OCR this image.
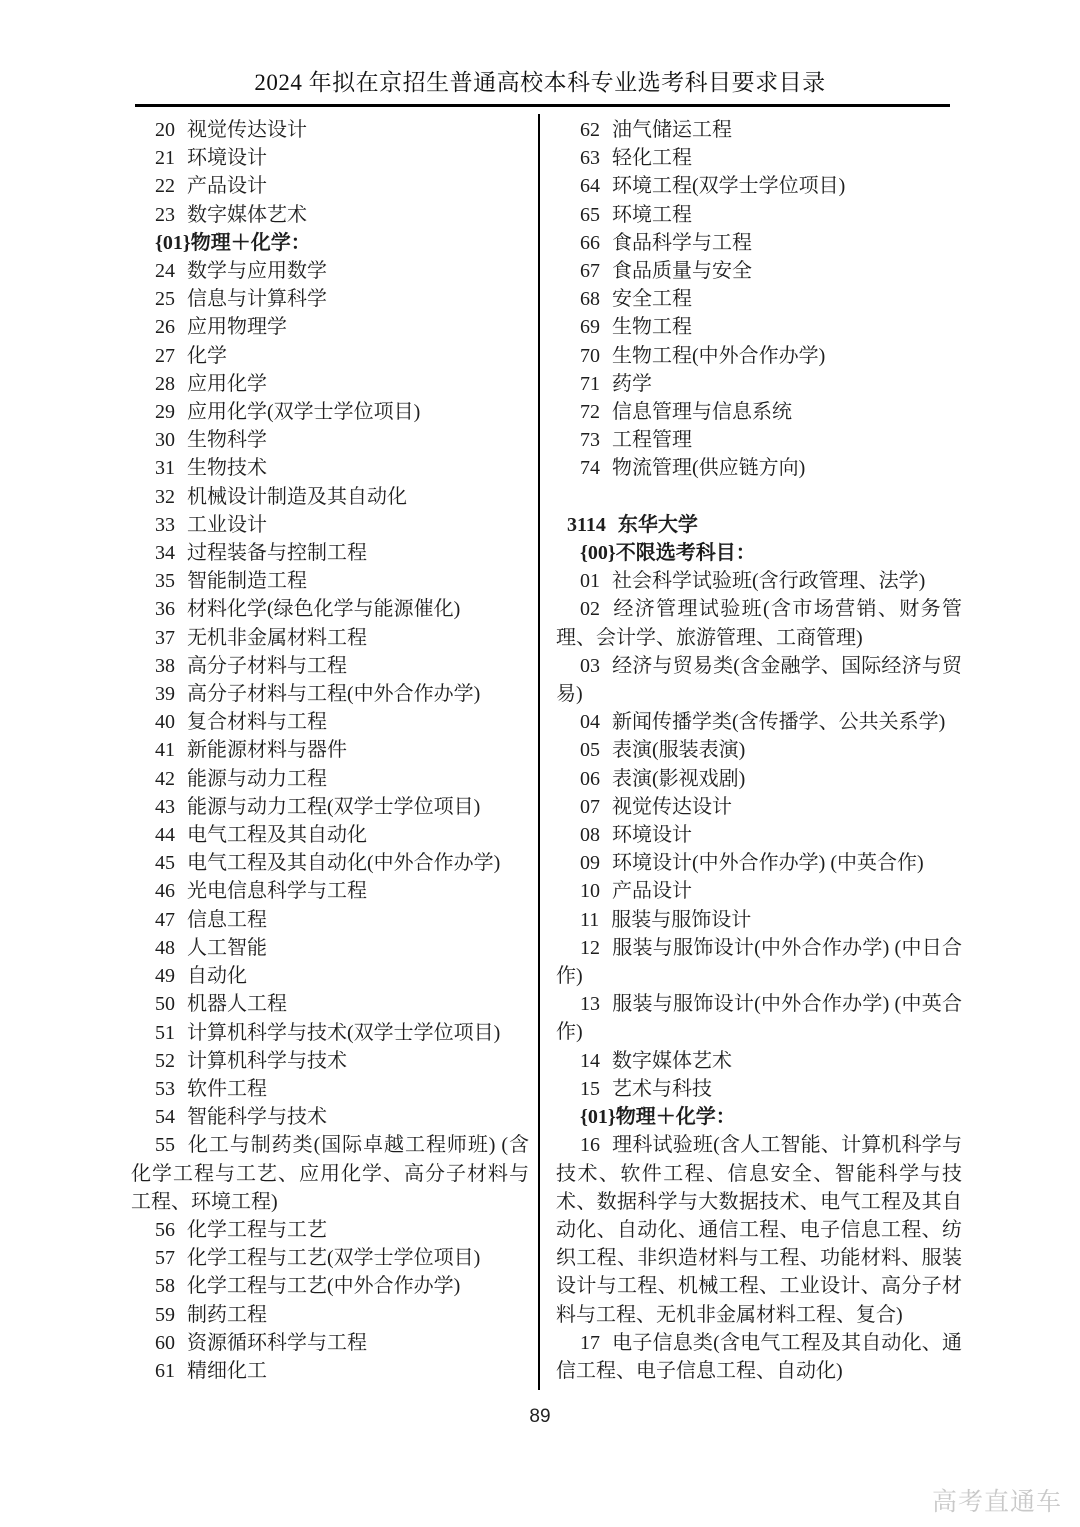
2024 年拟在京招生普通高校本科专业选考科目要求目录

20 视觉传达设计

21 环境设计

22 产品设计

23 数字媒体艺术

{01}物理＋化学：

24 数学与应用数学

25 信息与计算科学

26 应用物理学

27 化学

28 应用化学

29 应用化学(双学士学位项目)

30 生物科学

31 生物技术

32 机械设计制造及其自动化

33 工业设计

34 过程装备与控制工程

35 智能制造工程

36 材料化学(绿色化学与能源催化)

37 无机非金属材料工程

38 高分子材料与工程

39 高分子材料与工程(中外合作办学)

40 复合材料与工程

41 新能源材料与器件

42 能源与动力工程

43 能源与动力工程(双学士学位项目)

44 电气工程及其自动化

45 电气工程及其自动化(中外合作办学)

46 光电信息科学与工程

47 信息工程

48 人工智能

49 自动化

50 机器人工程

51 计算机科学与技术(双学士学位项目)

52 计算机科学与技术

53 软件工程

54 智能科学与技术

55 化工与制药类(国际卓越工程师班) (含化学工程与工艺、应用化学、高分子材料与工程、环境工程)

56 化学工程与工艺

57 化学工程与工艺(双学士学位项目)

58 化学工程与工艺(中外合作办学)

59 制药工程

60 资源循环科学与工程

61 精细化工

62 油气储运工程

63 轻化工程

64 环境工程(双学士学位项目)

65 环境工程

66 食品科学与工程

67 食品质量与安全

68 安全工程

69 生物工程

70 生物工程(中外合作办学)

71 药学

72 信息管理与信息系统

73 工程管理

74 物流管理(供应链方向)

3114 东华大学

{00}不限选考科目：

01 社会科学试验班(含行政管理、法学)

02 经济管理试验班(含市场营销、财务管理、会计学、旅游管理、工商管理)

03 经济与贸易类(含金融学、国际经济与贸易)

04 新闻传播学类(含传播学、公共关系学)

05 表演(服装表演)

06 表演(影视戏剧)

07 视觉传达设计

08 环境设计

09 环境设计(中外合作办学) (中英合作)

10 产品设计

11 服装与服饰设计

12 服装与服饰设计(中外合作办学) (中日合作)

13 服装与服饰设计(中外合作办学) (中英合作)

14 数字媒体艺术

15 艺术与科技

{01}物理＋化学：

16 理科试验班(含人工智能、计算机科学与技术、软件工程、信息安全、智能科学与技术、数据科学与大数据技术、电气工程及其自动化、自动化、通信工程、电子信息工程、纺织工程、非织造材料与工程、功能材料、服装设计与工程、机械工程、工业设计、高分子材料与工程、无机非金属材料工程、复合)

17 电子信息类(含电气工程及其自动化、通信工程、电子信息工程、自动化)

89
高考直通车
